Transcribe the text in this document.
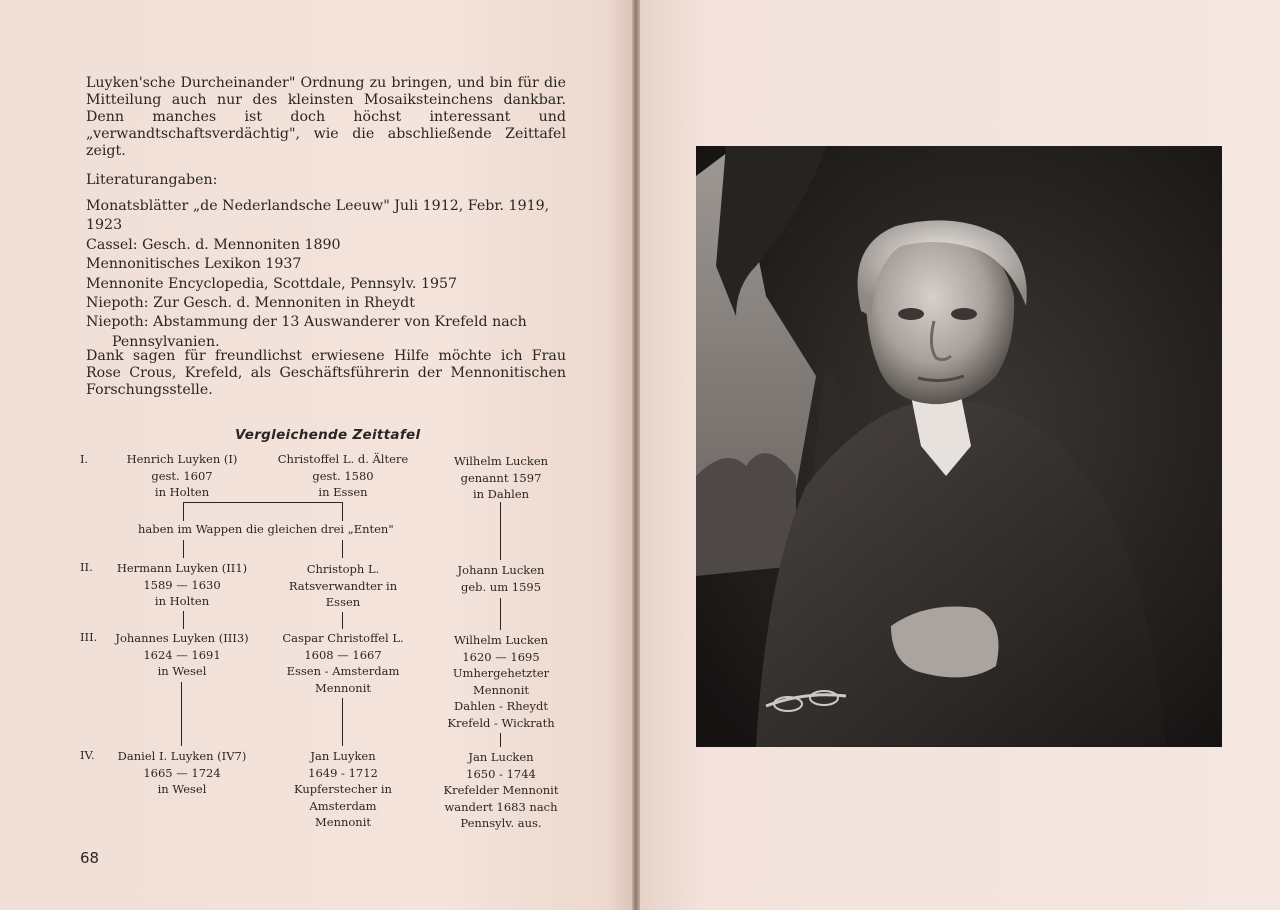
Luyken'sche Durcheinander" Ordnung zu bringen, und bin für die Mitteilung auch nur des kleinsten Mosaiksteinchens dankbar. Denn manches ist doch höchst interessant und „verwandtschaftsverdächtig", wie die abschließende Zeittafel zeigt.

Literaturangaben:

Monatsblätter „de Nederlandsche Leeuw" Juli 1912, Febr. 1919, 1923
Cassel: Gesch. d. Mennoniten 1890
Mennonitisches Lexikon 1937
Mennonite Encyclopedia, Scottdale, Pennsylv. 1957
Niepoth: Zur Gesch. d. Mennoniten in Rheydt
Niepoth: Abstammung der 13 Auswanderer von Krefeld nach
Pennsylvanien.

Dank sagen für freundlichst erwiesene Hilfe möchte ich Frau Rose Crous, Krefeld, als Geschäftsführerin der Mennonitischen Forschungsstelle.

Vergleichende Zeittafel
I.
II.
III.
IV.
Henrich Luyken (I)
gest. 1607
in Holten
Hermann Luyken (II1)
1589 — 1630
in Holten
Johannes Luyken (III3)
1624 — 1691
in Wesel
Daniel I. Luyken (IV7)
1665 — 1724
in Wesel
Christoffel L. d. Ältere
gest. 1580
in Essen
Christoph L.
Ratsverwandter in
Essen
Caspar Christoffel L.
1608 — 1667
Essen - Amsterdam
Mennonit
Jan Luyken
1649 - 1712
Kupferstecher in
Amsterdam
Mennonit
Wilhelm Lucken
genannt 1597
in Dahlen
Johann Lucken
geb. um 1595
Wilhelm Lucken
1620 — 1695
Umhergehetzter
Mennonit
Dahlen - Rheydt
Krefeld - Wickrath
Jan Lucken
1650 - 1744
Krefelder Mennonit
wandert 1683 nach
Pennsylv. aus.
haben im Wappen die gleichen drei „Enten"
68
